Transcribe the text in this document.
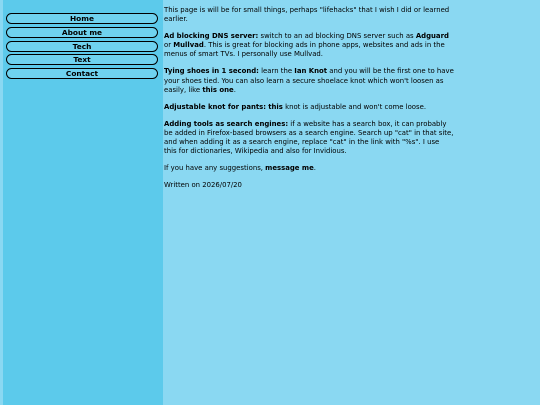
Home
About me
Tech
Text
Contact

This page is will be for small things, perhaps "lifehacks" that I wish I did or learned earlier.

Ad blocking DNS server: switch to an ad blocking DNS server such as Adguard or Mullvad. This is great for blocking ads in phone apps, websites and ads in the menus of smart TVs. I personally use Mullvad.

Tying shoes in 1 second: learn the Ian Knot and you will be the first one to have your shoes tied. You can also learn a secure shoelace knot which won't loosen as easily, like this one.

Adjustable knot for pants: this knot is adjustable and won't come loose.

Adding tools as search engines: if a website has a search box, it can probably be added in Firefox-based browsers as a search engine. Search up "cat" in that site, and when adding it as a search engine, replace "cat" in the link with "%s". I use this for dictionaries, Wikipedia and also for Invidious.

If you have any suggestions, message me.

Written on 2026/07/20
